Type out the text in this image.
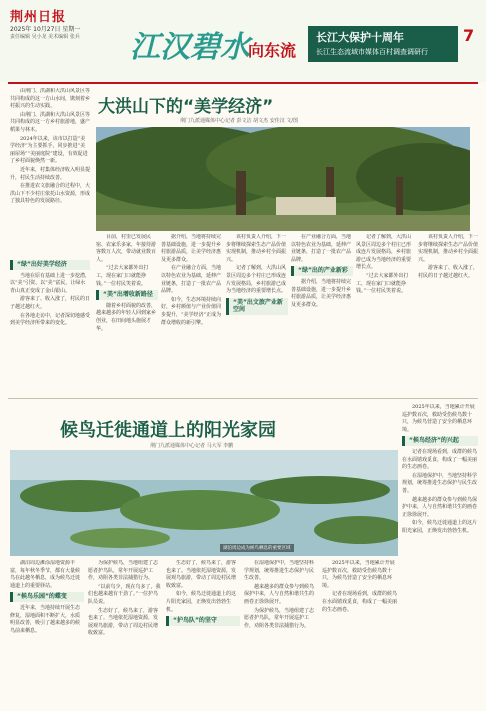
荆州日报
2025年 10月27日 星期一
责任编辑 吴小龙 美术编辑 张兵 江汉碧水
向东流
长江大保护十周年
长江生态流域市媒体百村调查调研行
7

由荆门、洪湖和大洪山风景区等共同构成的这一方山水间，镌刻着乡村振兴的生动实践。

由荆门、洪湖和大洪山风景区等共同构成的这一方乡村旅游地，盛产稻果与林木。

2024年以来，该市以打造“美学经济”为主要抓手，同步推进“美丽屋场”“美丽庭院”建设，有效促进了乡村面貌焕然一新。

近年来，村集体经济收入明显提升，村民生活持续改善。

在推进农文旅融合的过程中，大洪山下不少村庄依托山水资源，形成了独具特色的发展路径。

“绿”出好美学经济

当地在原有基础上进一步挖潜，以“美”引资、以“美”富民，让绿水青山真正变成了金山银山。

游客来了、收入涨了，村民的日子越过越红火。

在各地走访中，记者深切地感受到美学经济所带来的变化。

大洪山下的“美学经济”
荆门九派通媒体中心记者 彭文洁 胡文杰 安佳汉 文/图

目前，村里已发展民宿、农家乐多家，年接待游客数万人次，带动就业数百人。

“过去大家都外出打工，现在家门口就能挣钱。”一位村民笑着说。

“美”出增收新路径

随着乡村面貌的改善，越来越多的年轻人回到家乡创业，在田间地头施展才华。

据介绍，当地将持续完善基础设施，进一步提升乡村旅游品质，让美学经济惠及更多群众。

在产业融合方面，当地以特色农业为基础，延伸产业链条，打造了一批农产品品牌。

如今，生态环境持续向好，乡村颜值与产业价值同步提升，“美学经济”正成为群众增收的新引擎。

该村负责人介绍，下一步将继续探索生态产品价值实现机制，推动乡村全面振兴。

记者了解到，大洪山风景区周边多个村庄已形成连片发展格局，乡村旅游已成为当地经济的重要增长点。

“美”出文旅产业新空间

在产业融合方面，当地以特色农业为基础，延伸产业链条，打造了一批农产品品牌。

“绿”出的产业新彩

据介绍，当地将持续完善基础设施，进一步提升乡村旅游品质，让美学经济惠及更多群众。

记者了解到，大洪山风景区周边多个村庄已形成连片发展格局，乡村旅游已成为当地经济的重要增长点。

“过去大家都外出打工，现在家门口就能挣钱。”一位村民笑着说。

该村负责人介绍，下一步将继续探索生态产品价值实现机制，推动乡村全面振兴。

游客来了、收入涨了，村民的日子越过越红火。

候鸟迁徙通道上的阳光家园
荆门九派通媒体中心记者 马大军 李鹏

2025年以来，当地累计开展巡护数百次，救助受伤候鸟数十只，为候鸟营造了安全的栖息环境。

“候鸟经济”的兴起

记者在现场看到，成群的候鸟在水面嬉戏觅食，构成了一幅美丽的生态画卷。

在湿地保护中，当地坚持科学规划，统筹推进生态保护与民生改善。

越来越多的群众参与到候鸟保护中来，人与自然和谐共生的画卷正徐徐展开。

如今，候鸟迁徙通道上的这片阳光家园，正焕发出勃勃生机。

湖泊周边成为候鸟栖息的重要区域

湖泊周边滩涂湿地资源丰富，每年秋冬季节，都有大量候鸟在此越冬栖息，成为候鸟迁徙通道上的重要驿站。

“候鸟乐园”的蝶变

近年来，当地持续开展生态修复，湿地面积不断扩大，水质明显改善，吸引了越来越多的候鸟前来栖息。

为保护候鸟，当地组建了志愿者护鸟队，常年开展巡护工作，劝阻各类非法捕猎行为。

“以前鸟少，现在鸟多了，我们也越来越有干劲了。”一位护鸟队员说。

生态好了，候鸟来了，游客也来了。当地依托湿地资源，发展观鸟旅游，带动了周边村民增收致富。

生态好了，候鸟来了，游客也来了。当地依托湿地资源，发展观鸟旅游，带动了周边村民增收致富。

如今，候鸟迁徙通道上的这片阳光家园，正焕发出勃勃生机。

“护鸟队”的坚守

在湿地保护中，当地坚持科学规划，统筹推进生态保护与民生改善。

越来越多的群众参与到候鸟保护中来，人与自然和谐共生的画卷正徐徐展开。

为保护候鸟，当地组建了志愿者护鸟队，常年开展巡护工作，劝阻各类非法捕猎行为。

2025年以来，当地累计开展巡护数百次，救助受伤候鸟数十只，为候鸟营造了安全的栖息环境。

记者在现场看到，成群的候鸟在水面嬉戏觅食，构成了一幅美丽的生态画卷。
